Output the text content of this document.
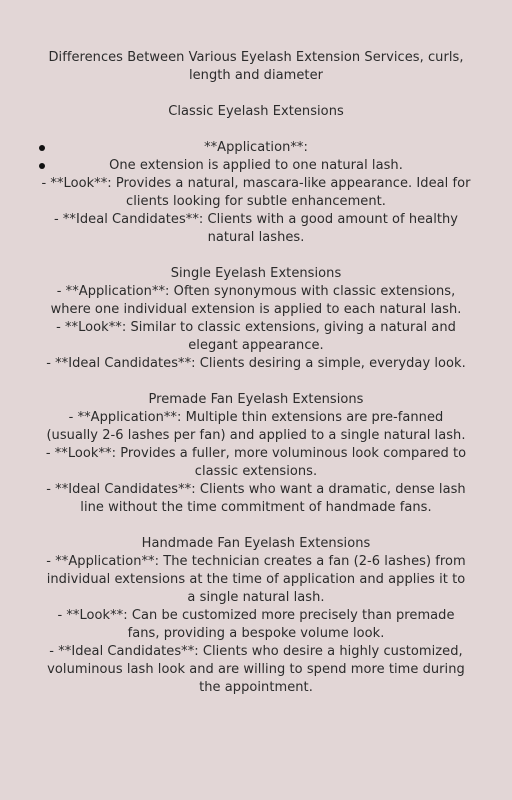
Differences Between Various Eyelash Extension Services, curls, length and diameter

Classic Eyelash Extensions

**Application**:
One extension is applied to one natural lash.

- **Look**: Provides a natural, mascara-like appearance. Ideal for clients looking for subtle enhancement.

- **Ideal Candidates**: Clients with a good amount of healthy natural lashes.

Single Eyelash Extensions

- **Application**: Often synonymous with classic extensions, where one individual extension is applied to each natural lash.

- **Look**: Similar to classic extensions, giving a natural and elegant appearance.

- **Ideal Candidates**: Clients desiring a simple, everyday look.

Premade Fan Eyelash Extensions

- **Application**: Multiple thin extensions are pre-fanned (usually 2-6 lashes per fan) and applied to a single natural lash.

- **Look**: Provides a fuller, more voluminous look compared to classic extensions.

- **Ideal Candidates**: Clients who want a dramatic, dense lash line without the time commitment of handmade fans.

Handmade Fan Eyelash Extensions

- **Application**: The technician creates a fan (2-6 lashes) from individual extensions at the time of application and applies it to a single natural lash.

- **Look**: Can be customized more precisely than premade fans, providing a bespoke volume look.

- **Ideal Candidates**: Clients who desire a highly customized, voluminous lash look and are willing to spend more time during the appointment.
